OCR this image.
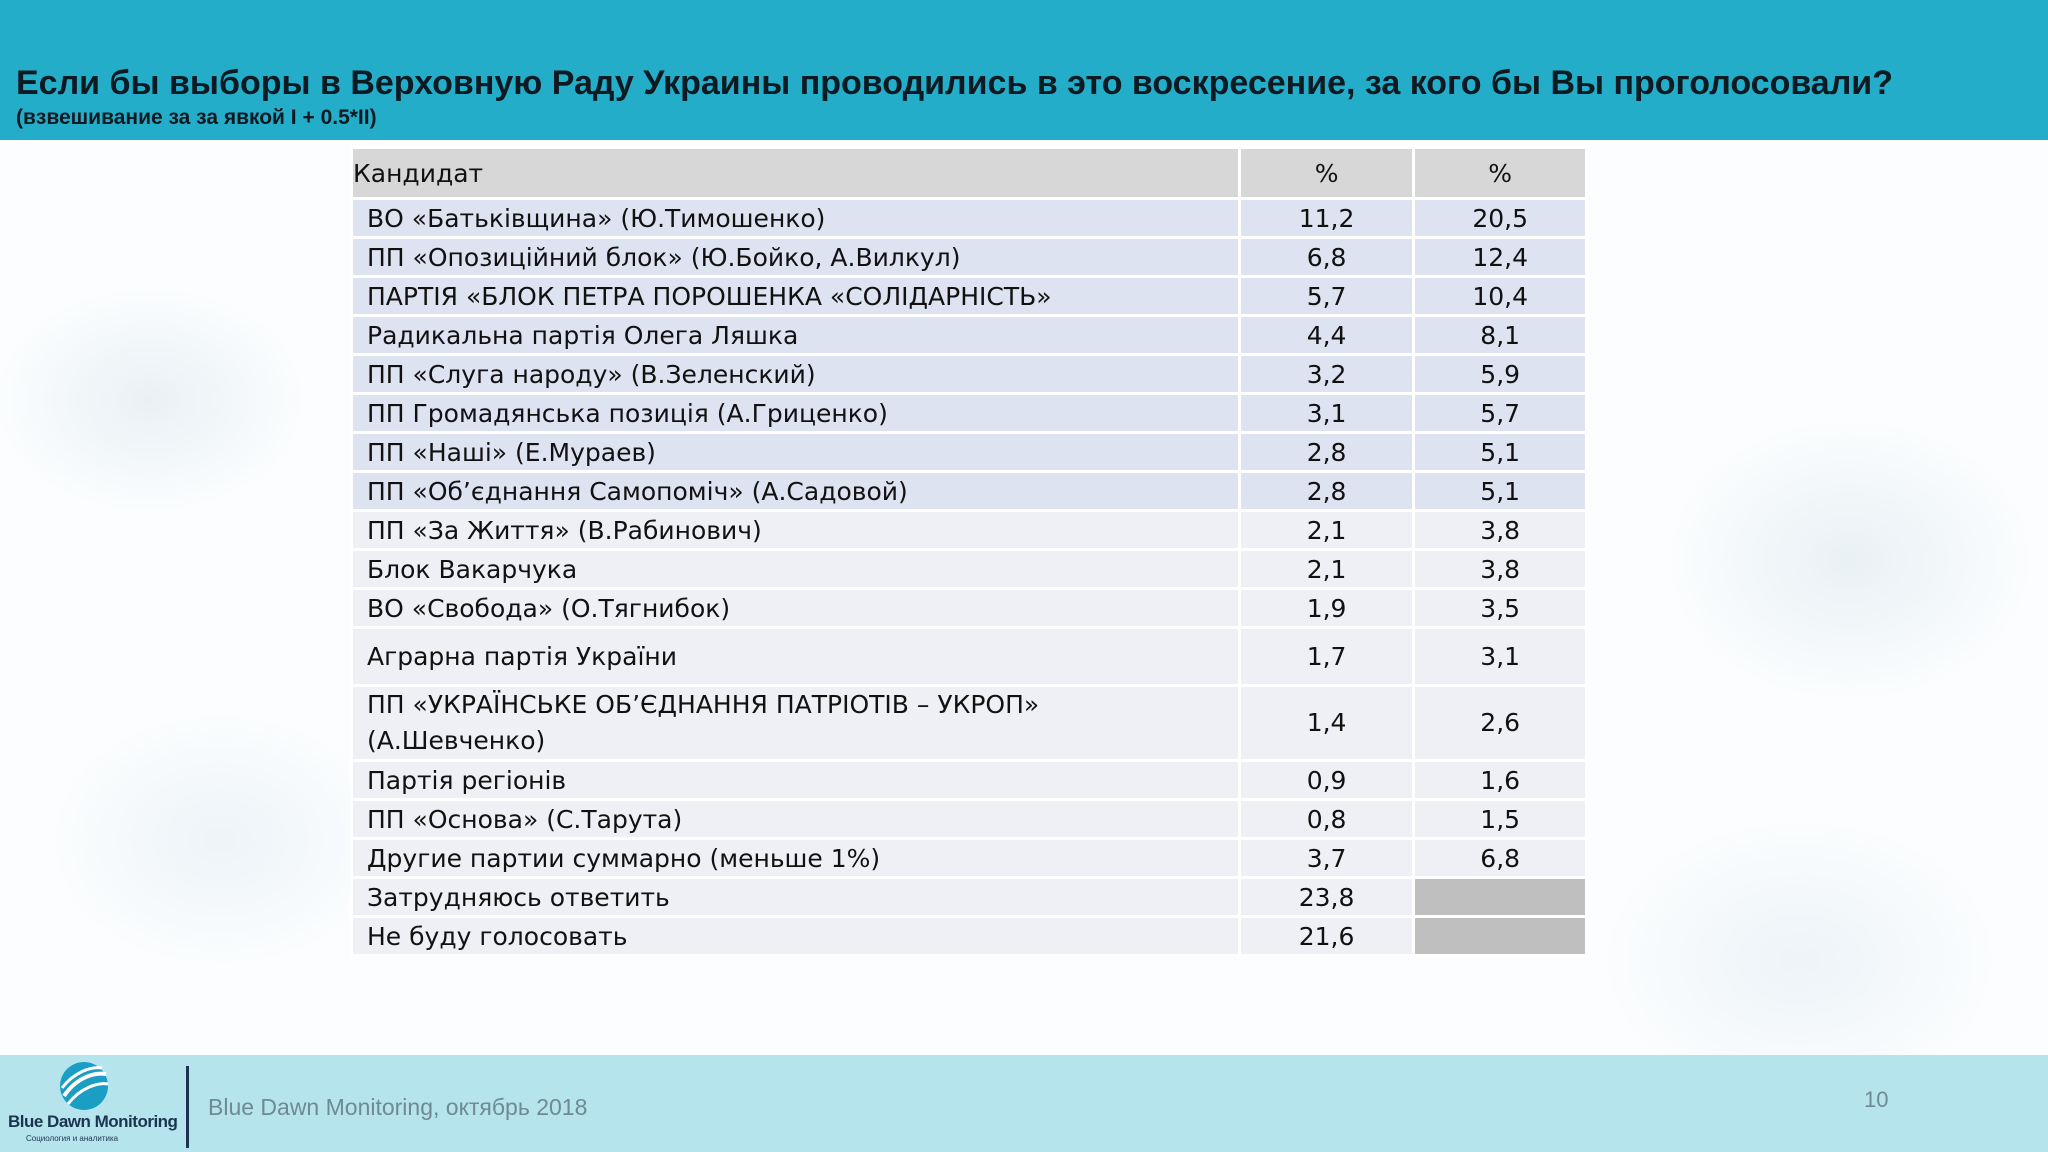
Если бы выборы в Верховную Раду Украины проводились в это воскресение, за кого бы Вы проголосовали?
(взвешивание за за явкой I + 0.5*II)
Кандидат	%	%
ВО «Батьківщина» (Ю.Тимошенко)	11,2	20,5
ПП «Опозиційний блок» (Ю.Бойко, А.Вилкул)	6,8	12,4
ПАРТІЯ «БЛОК ПЕТРА ПОРОШЕНКА «СОЛІДАРНІСТЬ»	5,7	10,4
Радикальна партія Олега Ляшка	4,4	8,1
ПП «Слуга народу» (В.Зеленский)	3,2	5,9
ПП Громадянська позиція (А.Гриценко)	3,1	5,7
ПП «Наші» (Е.Мураев)	2,8	5,1
ПП «Об’єднання Самопоміч» (А.Садовой)	2,8	5,1
ПП «За Життя» (В.Рабинович)	2,1	3,8
Блок Вакарчука	2,1	3,8
ВО «Свобода» (О.Тягнибок)	1,9	3,5
Аграрна партія України	1,7	3,1

ПП «УКРАЇНСЬКЕ ОБ’ЄДНАННЯ ПАТРІОТІВ – УКРОП»
(А.Шевченко)	1,4	2,6
Партія регіонів	0,9	1,6
ПП «Основа» (С.Тарута)	0,8	1,5
Другие партии суммарно (меньше 1%)	3,7	6,8
Затрудняюсь ответить	23,8	
Не буду голосовать	21,6	
Blue Dawn Monitoring
Социология и аналитика
Blue Dawn Monitoring, октябрь 2018	10
